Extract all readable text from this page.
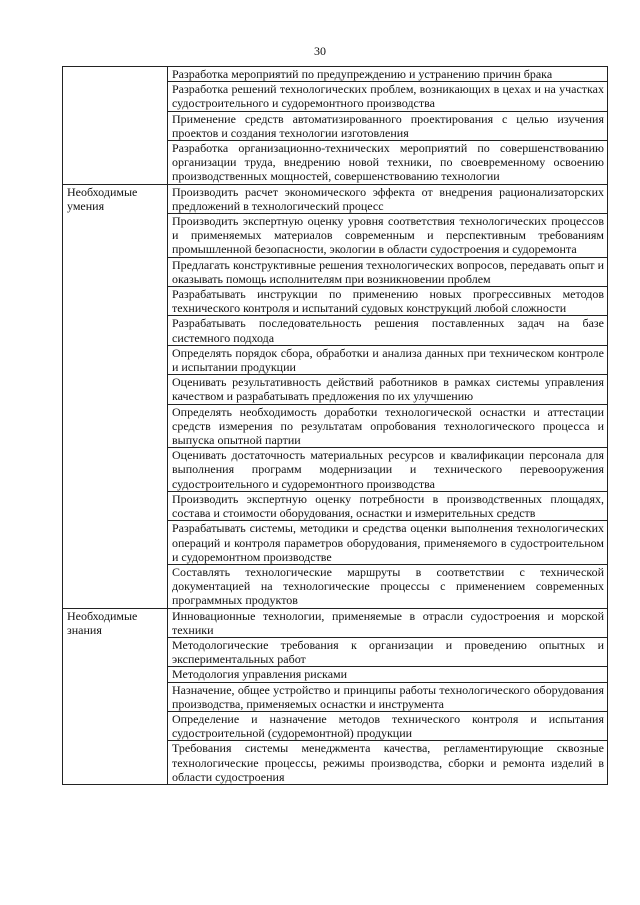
30
	Разработка мероприятий по предупреждению и устранению причин брака
	Разработка решений технологических проблем, возникающих в цехах и на участках судостроительного и судоремонтного производства
	Применение средств автоматизированного проектирования с целью изучения проектов и создания технологии изготовления
	Разработка организационно-технических мероприятий по совершенствованию организации труда, внедрению новой техники, по своевременному освоению производственных мощностей, совершенствованию технологии
Необходимые умения	Производить расчет экономического эффекта от внедрения рационализаторских предложений в технологический процесс
	Производить экспертную оценку уровня соответствия технологических процессов и применяемых материалов современным и перспективным требованиям промышленной безопасности, экологии в области судостроения и судоремонта
	Предлагать конструктивные решения технологических вопросов, передавать опыт и оказывать помощь исполнителям при возникновении проблем
	Разрабатывать инструкции по применению новых прогрессивных методов технического контроля и испытаний судовых конструкций любой сложности
	Разрабатывать последовательность решения поставленных задач на базе системного подхода
	Определять порядок сбора, обработки и анализа данных при техническом контроле и испытании продукции
	Оценивать результативность действий работников в рамках системы управления качеством и разрабатывать предложения по их улучшению
	Определять необходимость доработки технологической оснастки и аттестации средств измерения по результатам опробования технологического процесса и выпуска опытной партии
	Оценивать достаточность материальных ресурсов и квалификации персонала для выполнения программ модернизации и технического перевооружения судостроительного и судоремонтного производства
	Производить экспертную оценку потребности в производственных площадях, состава и стоимости оборудования, оснастки и измерительных средств
	Разрабатывать системы, методики и средства оценки выполнения технологических операций и контроля параметров оборудования, применяемого в судостроительном и судоремонтном производстве
	Составлять технологические маршруты в соответствии с технической документацией на технологические процессы с применением современных программных продуктов
Необходимые знания	Инновационные технологии, применяемые в отрасли судостроения и морской техники
	Методологические требования к организации и проведению опытных и экспериментальных работ
	Методология управления рисками
	Назначение, общее устройство и принципы работы технологического оборудования производства, применяемых оснастки и инструмента
	Определение и назначение методов технического контроля и испытания судостроительной (судоремонтной) продукции
	Требования системы менеджмента качества, регламентирующие сквозные технологические процессы, режимы производства, сборки и ремонта изделий в области судостроения
